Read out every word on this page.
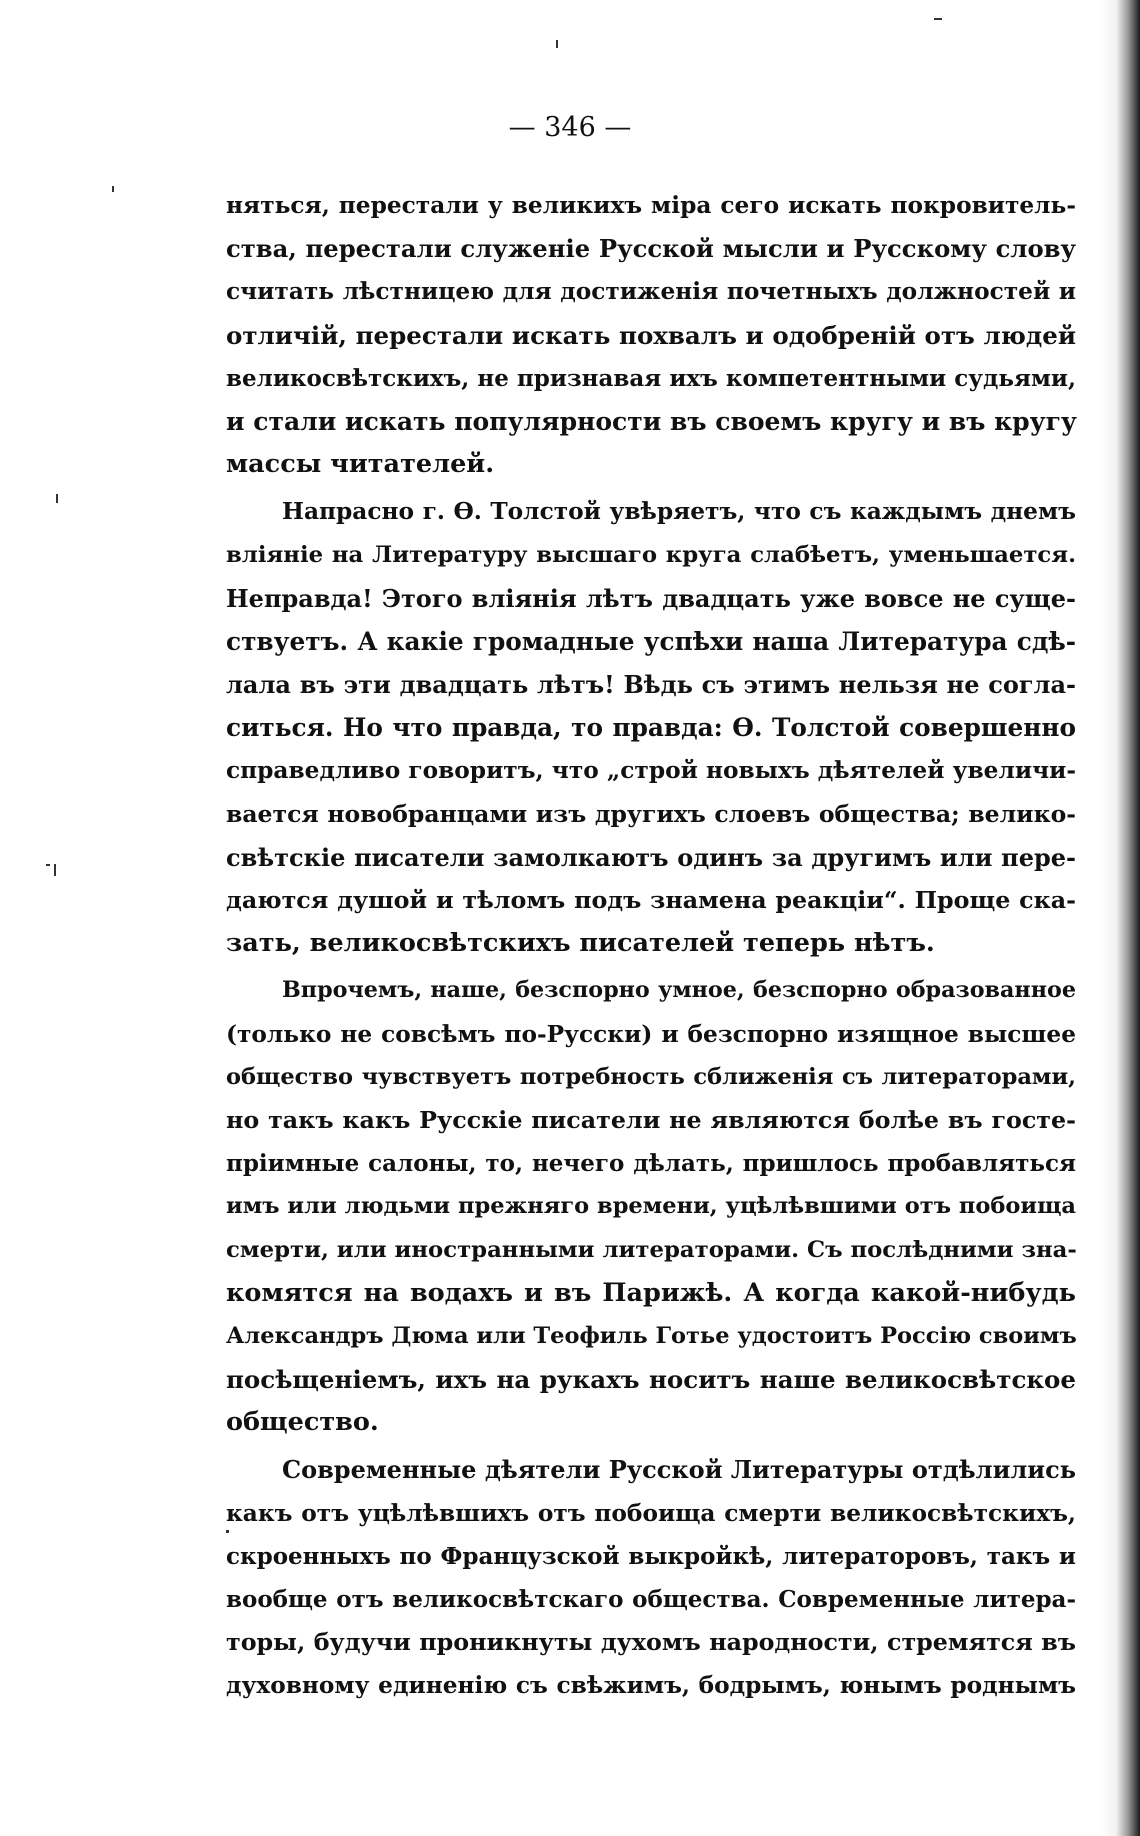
— 346 —
няться, перестали у великихъ міра сего искать покровитель-
ства, перестали служеніе Русской мысли и Русскому слову
считать лѣстницею для достиженія почетныхъ должностей и
отличій, перестали искать похвалъ и одобреній отъ людей
великосвѣтскихъ, не признавая ихъ компетентными судьями,
и стали искать популярности въ своемъ кругу и въ кругу
массы читателей.
Напрасно г. Ѳ. Толстой увѣряетъ, что съ каждымъ днемъ
вліяніе на Литературу высшаго круга слабѣетъ, уменьшается.
Неправда! Этого вліянія лѣтъ двадцать уже вовсе не суще-
ствуетъ. А какіе громадные успѣхи наша Литература сдѣ-
лала въ эти двадцать лѣтъ! Вѣдь съ этимъ нельзя не согла-
ситься. Но что правда, то правда: Ѳ. Толстой совершенно
справедливо говоритъ, что „строй новыхъ дѣятелей увеличи-
вается новобранцами изъ другихъ слоевъ общества; велико-
свѣтскіе писатели замолкаютъ одинъ за другимъ или пере-
даются душой и тѣломъ подъ знамена реакціи“. Проще ска-
зать, великосвѣтскихъ писателей теперь нѣтъ.
Впрочемъ, наше, безспорно умное, безспорно образованное
(только не совсѣмъ по-Русски) и безспорно изящное высшее
общество чувствуетъ потребность сближенія съ литераторами,
но такъ какъ Русскіе писатели не являются болѣе въ госте-
пріимные салоны, то, нечего дѣлать, пришлось пробавляться
имъ или людьми прежняго времени, уцѣлѣвшими отъ побоища
смерти, или иностранными литераторами. Съ послѣдними зна-
комятся на водахъ и въ Парижѣ. А когда какой-нибудь
Александръ Дюма или Теофиль Готье удостоитъ Россію своимъ
посѣщеніемъ, ихъ на рукахъ носитъ наше великосвѣтское
общество.
Современные дѣятели Русской Литературы отдѣлились
какъ отъ уцѣлѣвшихъ отъ побоища смерти великосвѣтскихъ,
скроенныхъ по Французской выкройкѣ, литераторовъ, такъ и
вообще отъ великосвѣтскаго общества. Современные литера-
торы, будучи проникнуты духомъ народности, стремятся въ
духовному единенію съ свѣжимъ, бодрымъ, юнымъ роднымъ
